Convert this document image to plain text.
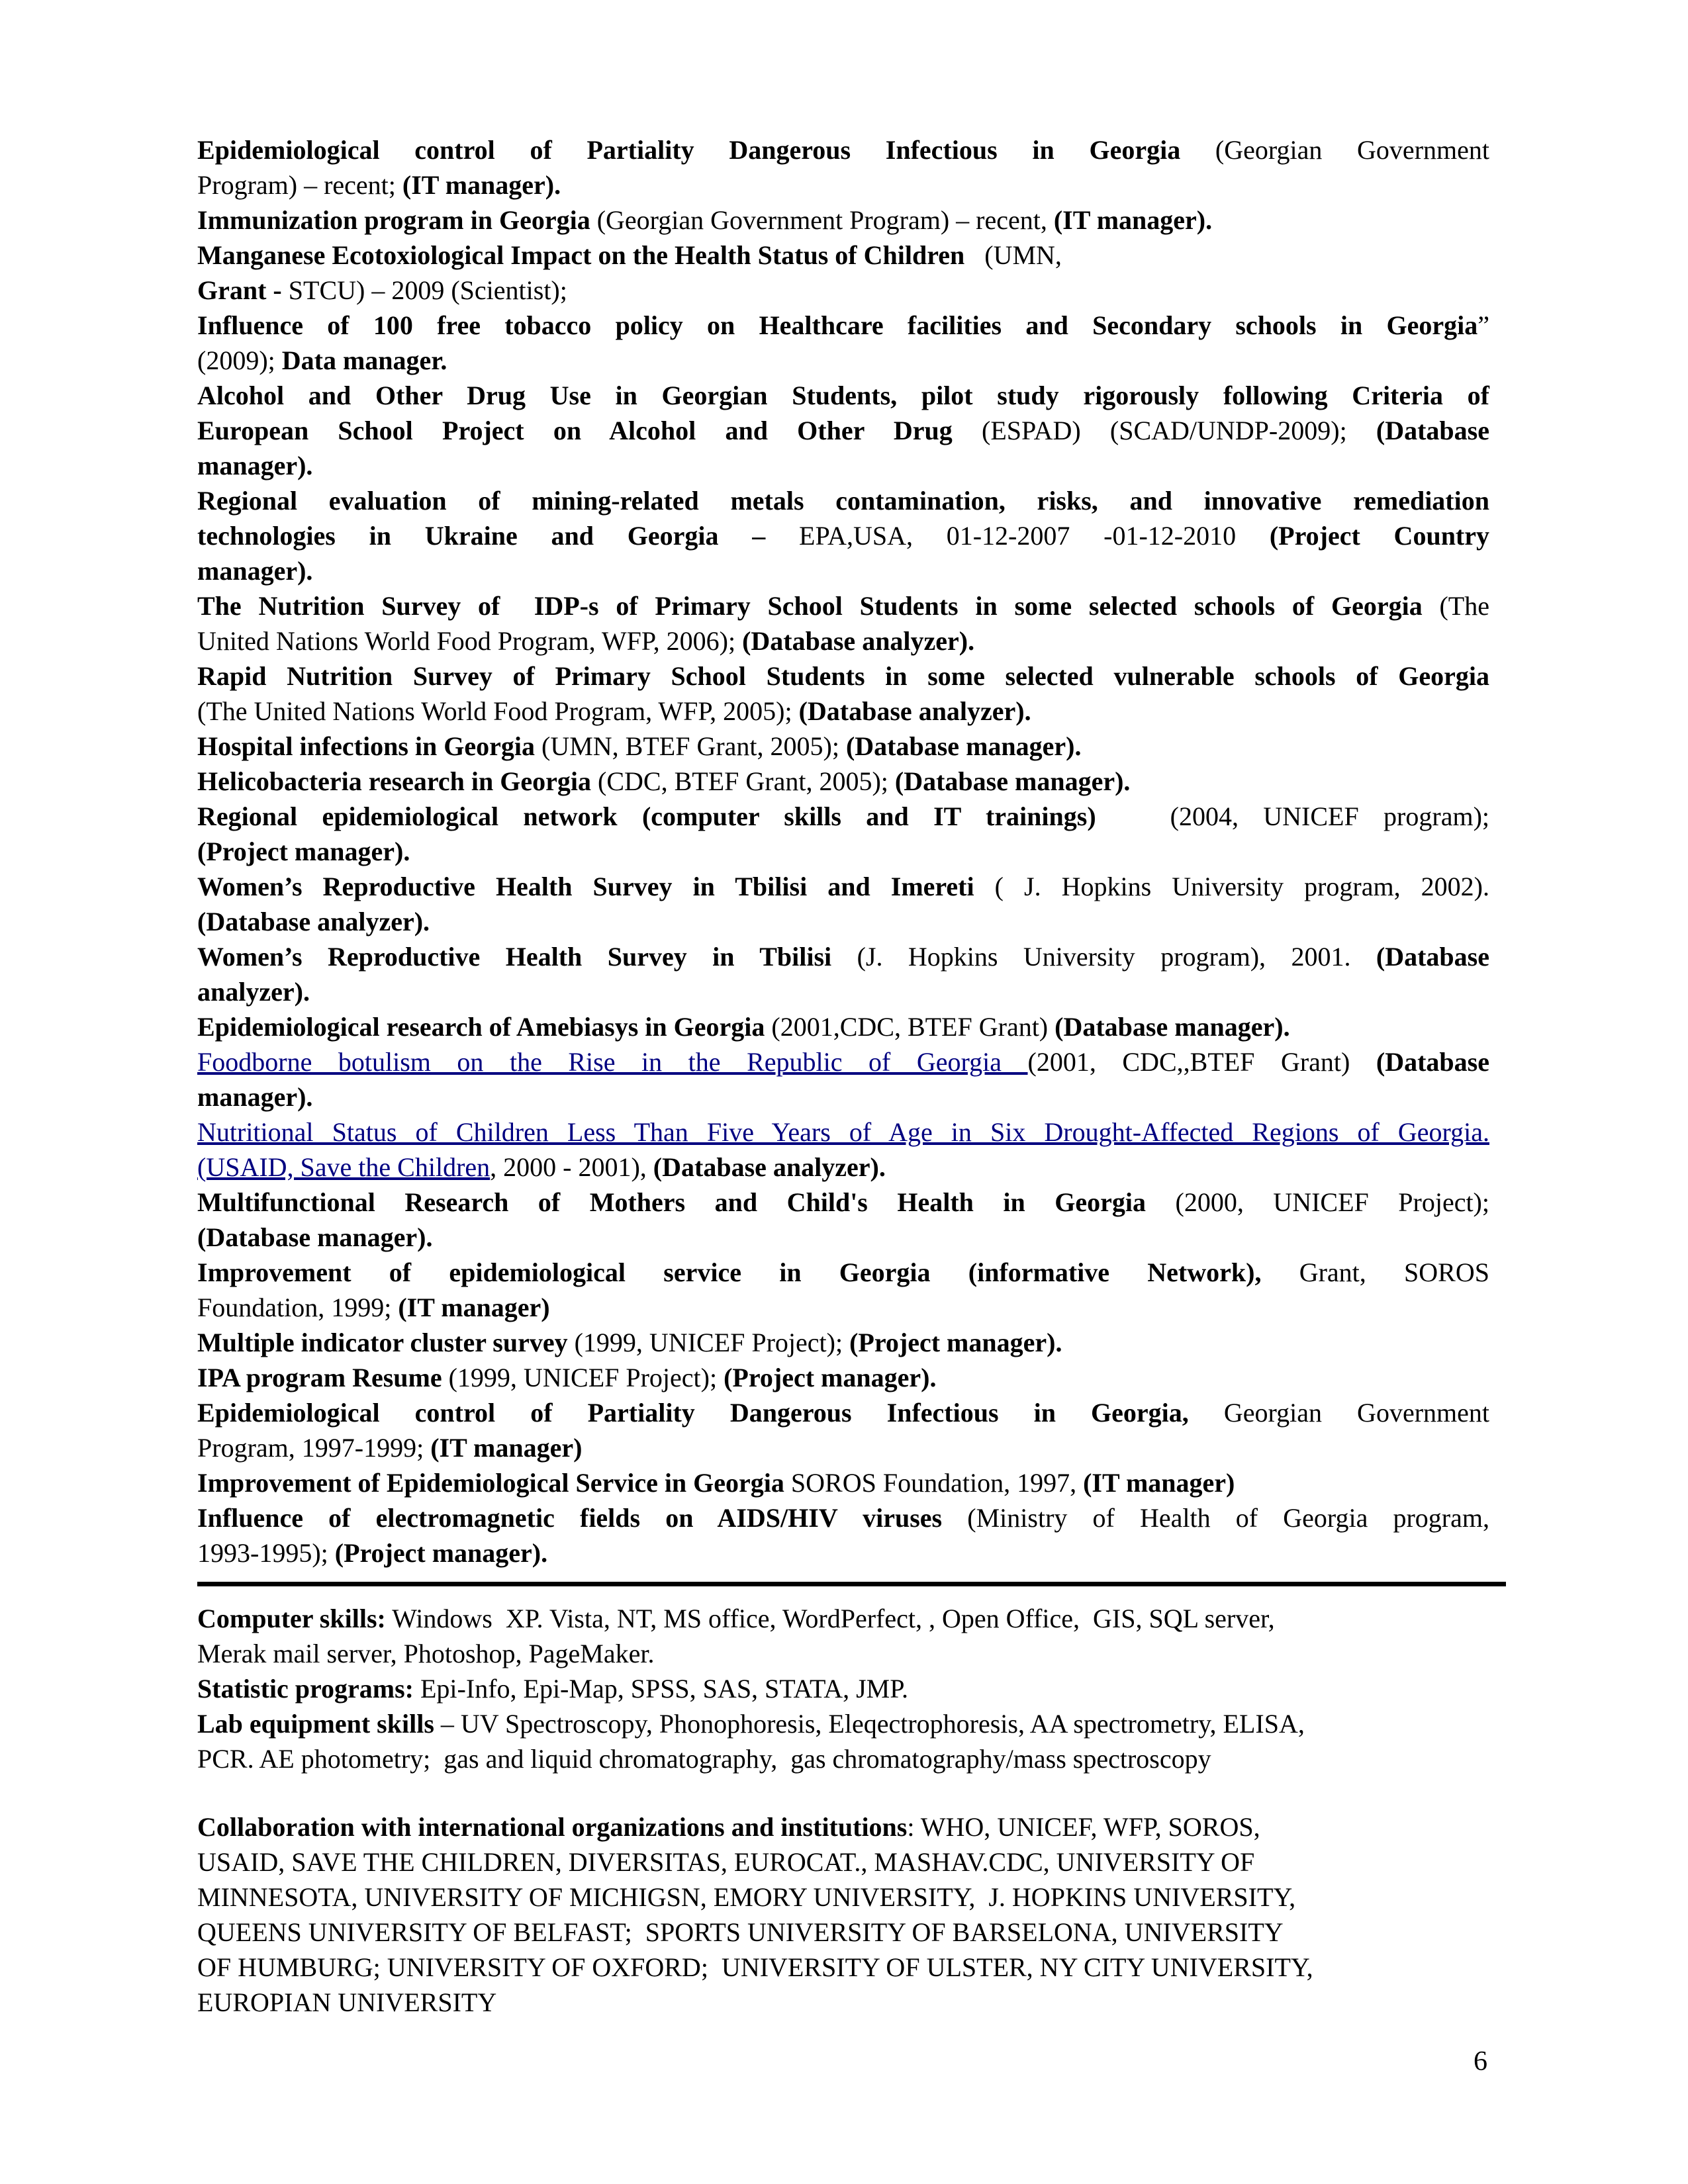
Epidemiological control of Partiality Dangerous Infectious in Georgia (Georgian Government
Program) – recent; (IT manager).
Immunization program in Georgia (Georgian Government Program) – recent, (IT manager).
Manganese Ecotoxiological Impact on the Health Status of Children   (UMN,
Grant - STCU) – 2009 (Scientist);
Influence of 100 free tobacco policy on Healthcare facilities and Secondary schools in Georgia”
(2009); Data manager.
Alcohol and Other Drug Use in Georgian Students, pilot study rigorously following Criteria of
European School Project on Alcohol and Other Drug (ESPAD) (SCAD/UNDP-2009); (Database
manager).
Regional evaluation of mining-related metals contamination, risks, and innovative remediation
technologies in Ukraine and Georgia – EPA,USA, 01-12-2007 -01-12-2010 (Project Country
manager).
The Nutrition Survey of  IDP-s of Primary School Students in some selected schools of Georgia (The
United Nations World Food Program, WFP, 2006); (Database analyzer).
Rapid Nutrition Survey of Primary School Students in some selected vulnerable schools of Georgia
(The United Nations World Food Program, WFP, 2005); (Database analyzer).
Hospital infections in Georgia (UMN, BTEF Grant, 2005); (Database manager).
Helicobacteria research in Georgia (CDC, BTEF Grant, 2005); (Database manager).
Regional epidemiological network (computer skills and IT trainings)   (2004, UNICEF program);
(Project manager).
Women’s Reproductive Health Survey in Tbilisi and Imereti ( J. Hopkins University program, 2002).
(Database analyzer).
Women’s Reproductive Health Survey in Tbilisi (J. Hopkins University program), 2001. (Database
analyzer).
Epidemiological research of Amebiasys in Georgia (2001,CDC, BTEF Grant) (Database manager).
Foodborne botulism on the Rise in the Republic of Georgia (2001, CDC,,BTEF Grant) (Database
manager).
Nutritional Status of Children Less Than Five Years of Age in Six Drought-Affected Regions of Georgia.
(USAID, Save the Children, 2000 - 2001), (Database analyzer).
Multifunctional Research of Mothers and Child's Health in Georgia (2000, UNICEF Project);
(Database manager).
Improvement of epidemiological service in Georgia (informative Network), Grant, SOROS
Foundation, 1999; (IT manager)
Multiple indicator cluster survey (1999, UNICEF Project); (Project manager).
IPA program Resume (1999, UNICEF Project); (Project manager).
Epidemiological control of Partiality Dangerous Infectious in Georgia, Georgian Government
Program, 1997-1999; (IT manager)
Improvement of Epidemiological Service in Georgia SOROS Foundation, 1997, (IT manager)
Influence of electromagnetic fields on AIDS/HIV viruses (Ministry of Health of Georgia program,
1993-1995); (Project manager).
Computer skills: Windows  XP. Vista, NT, MS office, WordPerfect, , Open Office,  GIS, SQL server,
Merak mail server, Photoshop, PageMaker.
Statistic programs: Epi-Info, Epi-Map, SPSS, SAS, STATA, JMP.
Lab equipment skills – UV Spectroscopy, Phonophoresis, Eleqectrophoresis, AA spectrometry, ELISA,
PCR. AE photometry;  gas and liquid chromatography,  gas chromatography/mass spectroscopy
Collaboration with international organizations and institutions: WHO, UNICEF, WFP, SOROS,
USAID, SAVE THE CHILDREN, DIVERSITAS, EUROCAT., MASHAV.CDC, UNIVERSITY OF
MINNESOTA, UNIVERSITY OF MICHIGSN, EMORY UNIVERSITY,  J. HOPKINS UNIVERSITY,
QUEENS UNIVERSITY OF BELFAST;  SPORTS UNIVERSITY OF BARSELONA, UNIVERSITY
OF HUMBURG; UNIVERSITY OF OXFORD;  UNIVERSITY OF ULSTER, NY CITY UNIVERSITY,
EUROPIAN UNIVERSITY
6
